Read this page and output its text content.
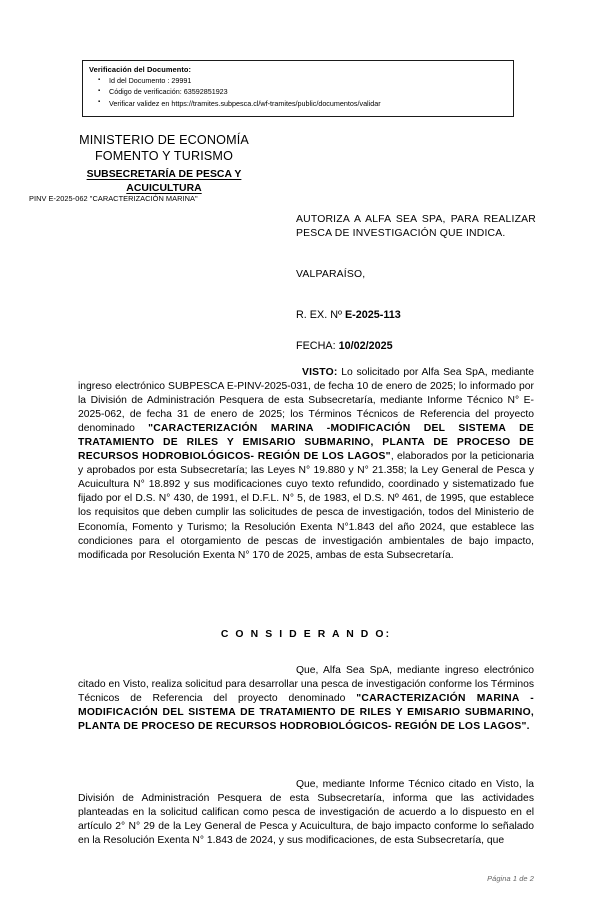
Verificación del Documento:
▪ Id del Documento : 29991
▪ Código de verificación: 63592851923
▪ Verificar validez en https://tramites.subpesca.cl/wf-tramites/public/documentos/validar
MINISTERIO DE ECONOMÍA
FOMENTO Y TURISMO
SUBSECRETARÍA DE PESCA Y
ACUICULTURA
PINV E-2025-062 "CARACTERIZACIÓN MARINA"
AUTORIZA A ALFA SEA SPA, PARA REALIZAR PESCA DE INVESTIGACIÓN QUE INDICA.
VALPARAÍSO,
R. EX. Nº E-2025-113
FECHA: 10/02/2025

VISTO: Lo solicitado por Alfa Sea SpA, mediante ingreso electrónico SUBPESCA E-PINV-2025-031, de fecha 10 de enero de 2025; lo informado por la División de Administración Pesquera de esta Subsecretaría, mediante Informe Técnico N° E-2025-062, de fecha 31 de enero de 2025; los Términos Técnicos de Referencia del proyecto denominado "CARACTERIZACIÓN MARINA -MODIFICACIÓN DEL SISTEMA DE TRATAMIENTO DE RILES Y EMISARIO SUBMARINO, PLANTA DE PROCESO DE RECURSOS HODROBIOLÓGICOS- REGIÓN DE LOS LAGOS", elaborados por la peticionaria y aprobados por esta Subsecretaría; las Leyes N° 19.880 y N° 21.358; la Ley General de Pesca y Acuicultura N° 18.892 y sus modificaciones cuyo texto refundido, coordinado y sistematizado fue fijado por el D.S. N° 430, de 1991, el D.F.L. N° 5, de 1983, el D.S. Nº 461, de 1995, que establece los requisitos que deben cumplir las solicitudes de pesca de investigación, todos del Ministerio de Economía, Fomento y Turismo; la Resolución Exenta N°1.843 del año 2024, que establece las condiciones para el otorgamiento de pescas de investigación ambientales de bajo impacto, modificada por Resolución Exenta N° 170 de 2025, ambas de esta Subsecretaría.

C O N S I D E R A N D O:

Que, Alfa Sea SpA, mediante ingreso electrónico citado en Visto, realiza solicitud para desarrollar una pesca de investigación conforme los Términos Técnicos de Referencia del proyecto denominado "CARACTERIZACIÓN MARINA -MODIFICACIÓN DEL SISTEMA DE TRATAMIENTO DE RILES Y EMISARIO SUBMARINO, PLANTA DE PROCESO DE RECURSOS HODROBIOLÓGICOS- REGIÓN DE LOS LAGOS".

Que, mediante Informe Técnico citado en Visto, la División de Administración Pesquera de esta Subsecretaría, informa que las actividades planteadas en la solicitud califican como pesca de investigación de acuerdo a lo dispuesto en el artículo 2° N° 29 de la Ley General de Pesca y Acuicultura, de bajo impacto conforme lo señalado en la Resolución Exenta N° 1.843 de 2024, y sus modificaciones, de esta Subsecretaría, que

Página 1 de 2
